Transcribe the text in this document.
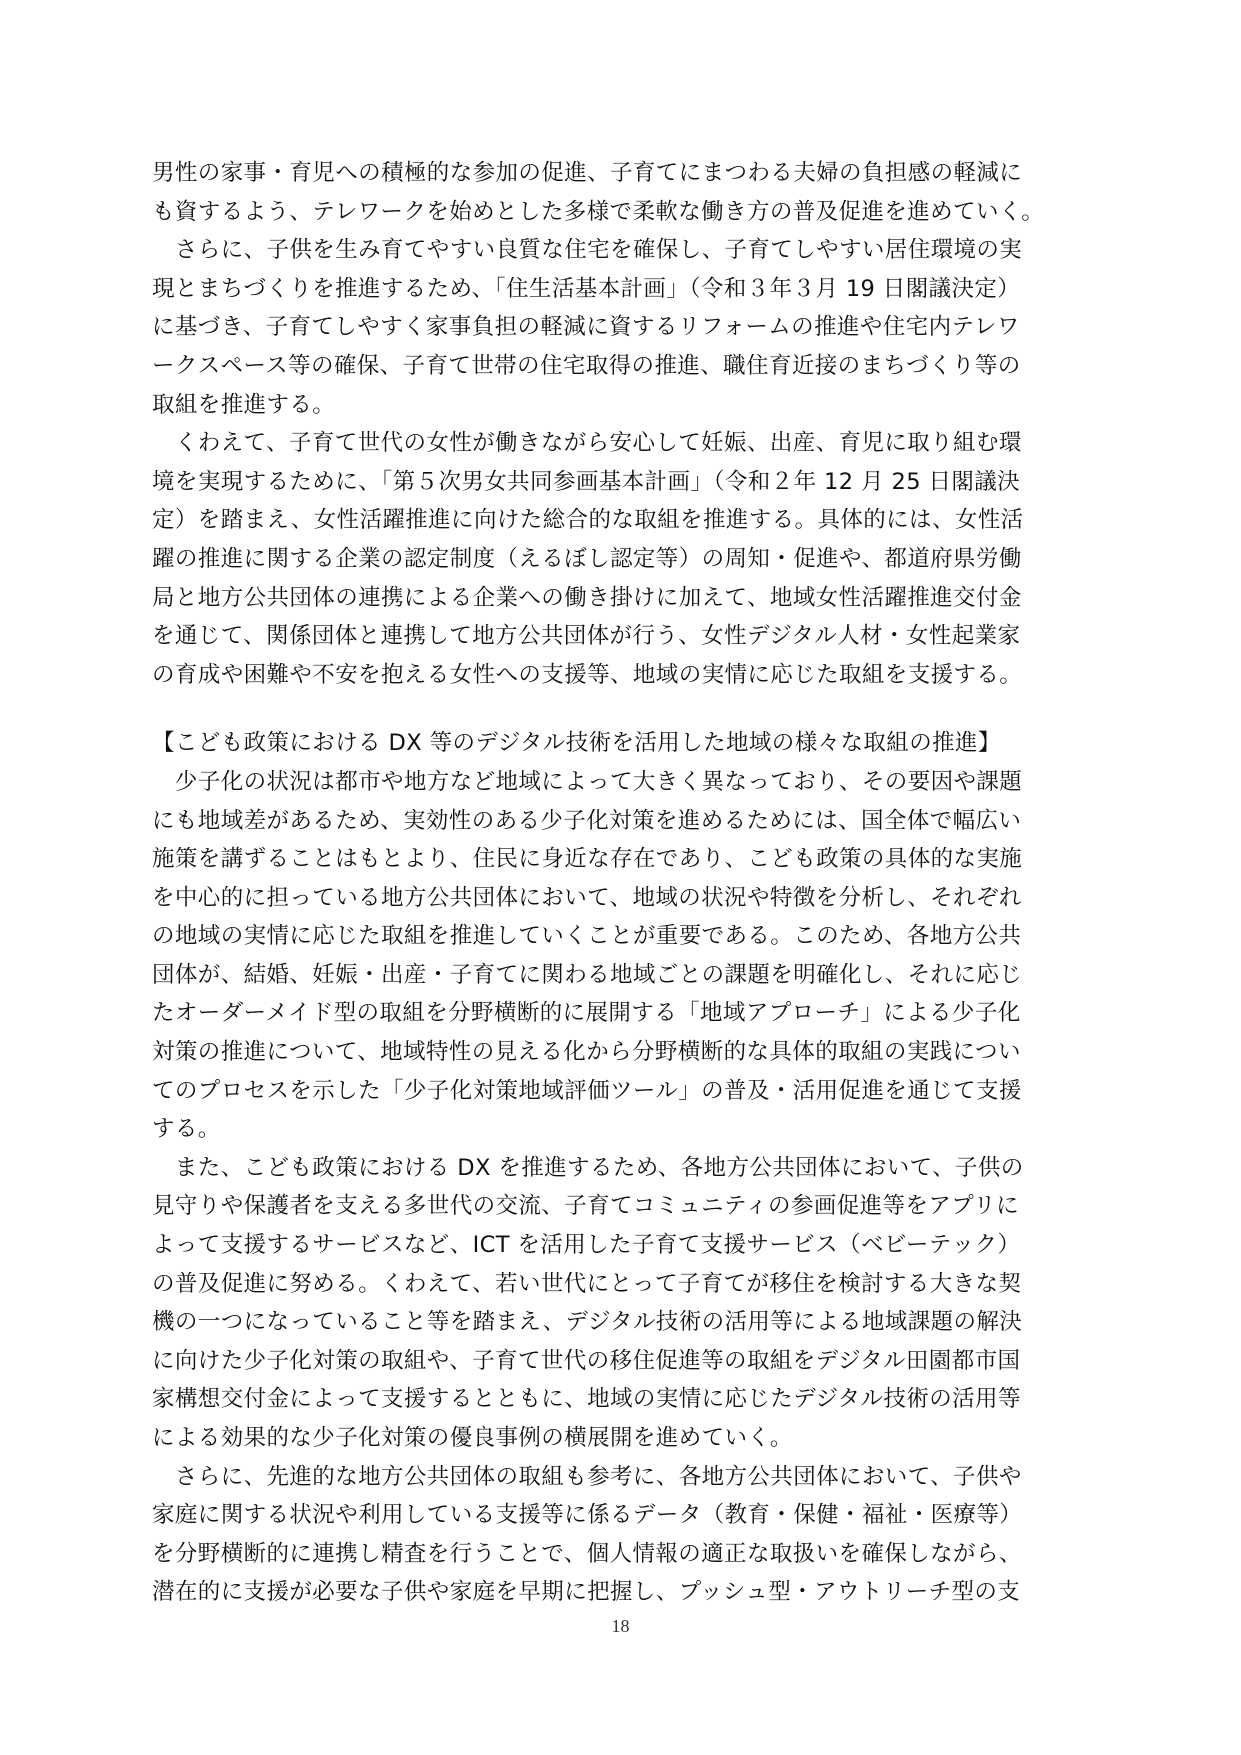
男性の家事・育児への積極的な参加の促進、子育てにまつわる夫婦の負担感の軽減に
も資するよう、テレワークを始めとした多様で柔軟な働き方の普及促進を進めていく。
　さらに、子供を生み育てやすい良質な住宅を確保し、子育てしやすい居住環境の実
現とまちづくりを推進するため、「住生活基本計画」（令和３年３月 19 日閣議決定）
に基づき、子育てしやすく家事負担の軽減に資するリフォームの推進や住宅内テレワ
ークスペース等の確保、子育て世帯の住宅取得の推進、職住育近接のまちづくり等の
取組を推進する。
　くわえて、子育て世代の女性が働きながら安心して妊娠、出産、育児に取り組む環
境を実現するために、「第５次男女共同参画基本計画」（令和２年 12 月 25 日閣議決
定）を踏まえ、女性活躍推進に向けた総合的な取組を推進する。具体的には、女性活
躍の推進に関する企業の認定制度（えるぼし認定等）の周知・促進や、都道府県労働
局と地方公共団体の連携による企業への働き掛けに加えて、地域女性活躍推進交付金
を通じて、関係団体と連携して地方公共団体が行う、女性デジタル人材・女性起業家
の育成や困難や不安を抱える女性への支援等、地域の実情に応じた取組を支援する。
【こども政策における DX 等のデジタル技術を活用した地域の様々な取組の推進】
　少子化の状況は都市や地方など地域によって大きく異なっており、その要因や課題
にも地域差があるため、実効性のある少子化対策を進めるためには、国全体で幅広い
施策を講ずることはもとより、住民に身近な存在であり、こども政策の具体的な実施
を中心的に担っている地方公共団体において、地域の状況や特徴を分析し、それぞれ
の地域の実情に応じた取組を推進していくことが重要である。このため、各地方公共
団体が、結婚、妊娠・出産・子育てに関わる地域ごとの課題を明確化し、それに応じ
たオーダーメイド型の取組を分野横断的に展開する「地域アプローチ」による少子化
対策の推進について、地域特性の見える化から分野横断的な具体的取組の実践につい
てのプロセスを示した「少子化対策地域評価ツール」の普及・活用促進を通じて支援
する。
　また、こども政策における DX を推進するため、各地方公共団体において、子供の
見守りや保護者を支える多世代の交流、子育てコミュニティの参画促進等をアプリに
よって支援するサービスなど、ICT を活用した子育て支援サービス（ベビーテック）
の普及促進に努める。くわえて、若い世代にとって子育てが移住を検討する大きな契
機の一つになっていること等を踏まえ、デジタル技術の活用等による地域課題の解決
に向けた少子化対策の取組や、子育て世代の移住促進等の取組をデジタル田園都市国
家構想交付金によって支援するとともに、地域の実情に応じたデジタル技術の活用等
による効果的な少子化対策の優良事例の横展開を進めていく。
　さらに、先進的な地方公共団体の取組も参考に、各地方公共団体において、子供や
家庭に関する状況や利用している支援等に係るデータ（教育・保健・福祉・医療等）
を分野横断的に連携し精査を行うことで、個人情報の適正な取扱いを確保しながら、
潜在的に支援が必要な子供や家庭を早期に把握し、プッシュ型・アウトリーチ型の支
18
